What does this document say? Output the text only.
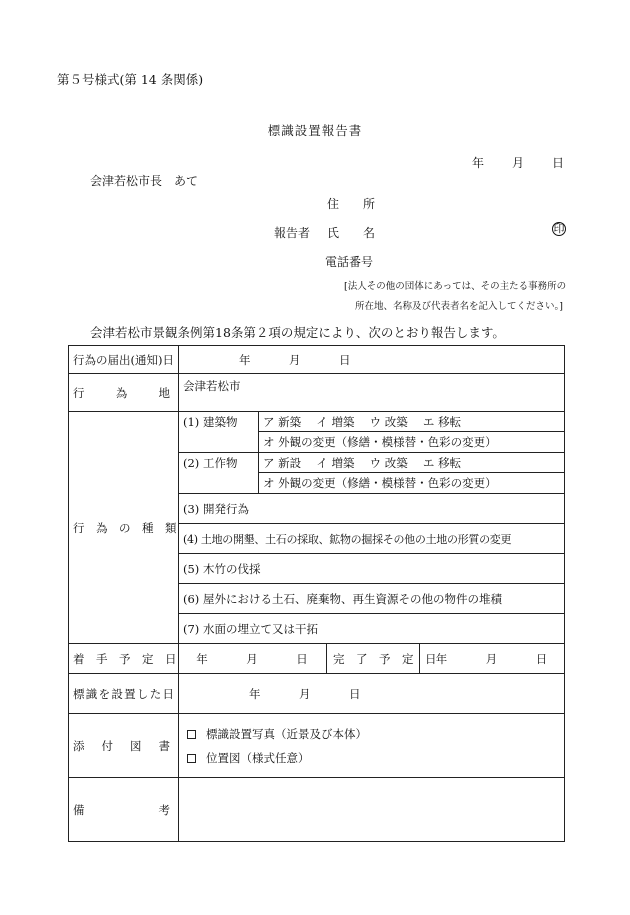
第５号様式(第 14 条関係)
標識設置報告書
年 月 日
会津若松市長　あて
住　　所
報告者 氏　　名	印
電話番号
[法人その他の団体にあっては、その主たる事務所の
所在地、名称及び代表者名を記入してください。]
会津若松市景観条例第18条第２項の規定により、次のとおり報告します。
行為の届出(通知)日	年　　　月　　　日			

行　為　地	会津若松市			

行　為　の　種　類	(1) 建築物	ア 新築　 イ 増築　 ウ 改築　 エ 移転
オ 外観の変更（修繕・模様替・色彩の変更）		

	(2) 工作物	ア 新設　 イ 増築　 ウ 改築　 エ 移転
オ 外観の変更（修繕・模様替・色彩の変更）		

	(3) 開発行為			
	(4) 土地の開墾、土石の採取、鉱物の掘採その他の土地の形質の変更			
	(5) 木竹の伐採			
	(6) 屋外における土石、廃棄物、再生資源その他の物件の堆積			
	(7) 水面の埋立て又は干拓			

着　手　予　定　日	年　　　月　　　日		完　了　予　定　日	年　　　月　　　日

標識を設置した日	年　　　月　　　日			

添　付　図　書	標識設置写真（近景及び本体）
位置図（様式任意）			

備　　　考				
